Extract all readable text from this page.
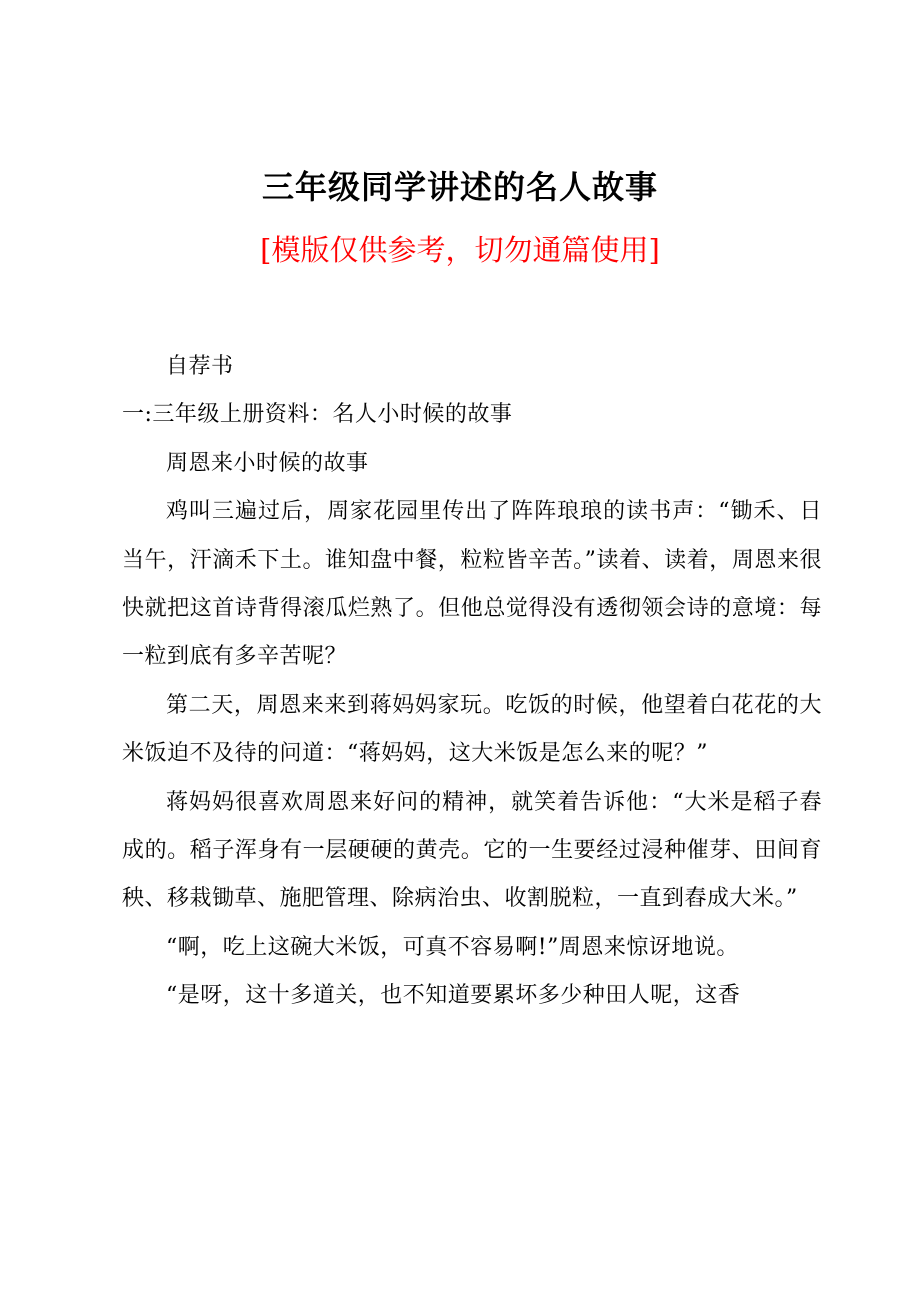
三年级同学讲述的名人故事
[模版仅供参考，切勿通篇使用]

自荐书

一:三年级上册资料：名人小时候的故事

周恩来小时候的故事

鸡叫三遍过后，周家花园里传出了阵阵琅琅的读书声：“锄禾、日当午，汗滴禾下土。谁知盘中餐，粒粒皆辛苦。”读着、读着，周恩来很快就把这首诗背得滚瓜烂熟了。但他总觉得没有透彻领会诗的意境：每一粒到底有多辛苦呢？

第二天，周恩来来到蒋妈妈家玩。吃饭的时候，他望着白花花的大米饭迫不及待的问道：“蒋妈妈，这大米饭是怎么来的呢？”

蒋妈妈很喜欢周恩来好问的精神，就笑着告诉他：“大米是稻子舂成的。稻子浑身有一层硬硬的黄壳。它的一生要经过浸种催芽、田间育秧、移栽锄草、施肥管理、除病治虫、收割脱粒，一直到舂成大米。”

“啊，吃上这碗大米饭，可真不容易啊!”周恩来惊讶地说。

“是呀，这十多道关，也不知道要累坏多少种田人呢，这香
